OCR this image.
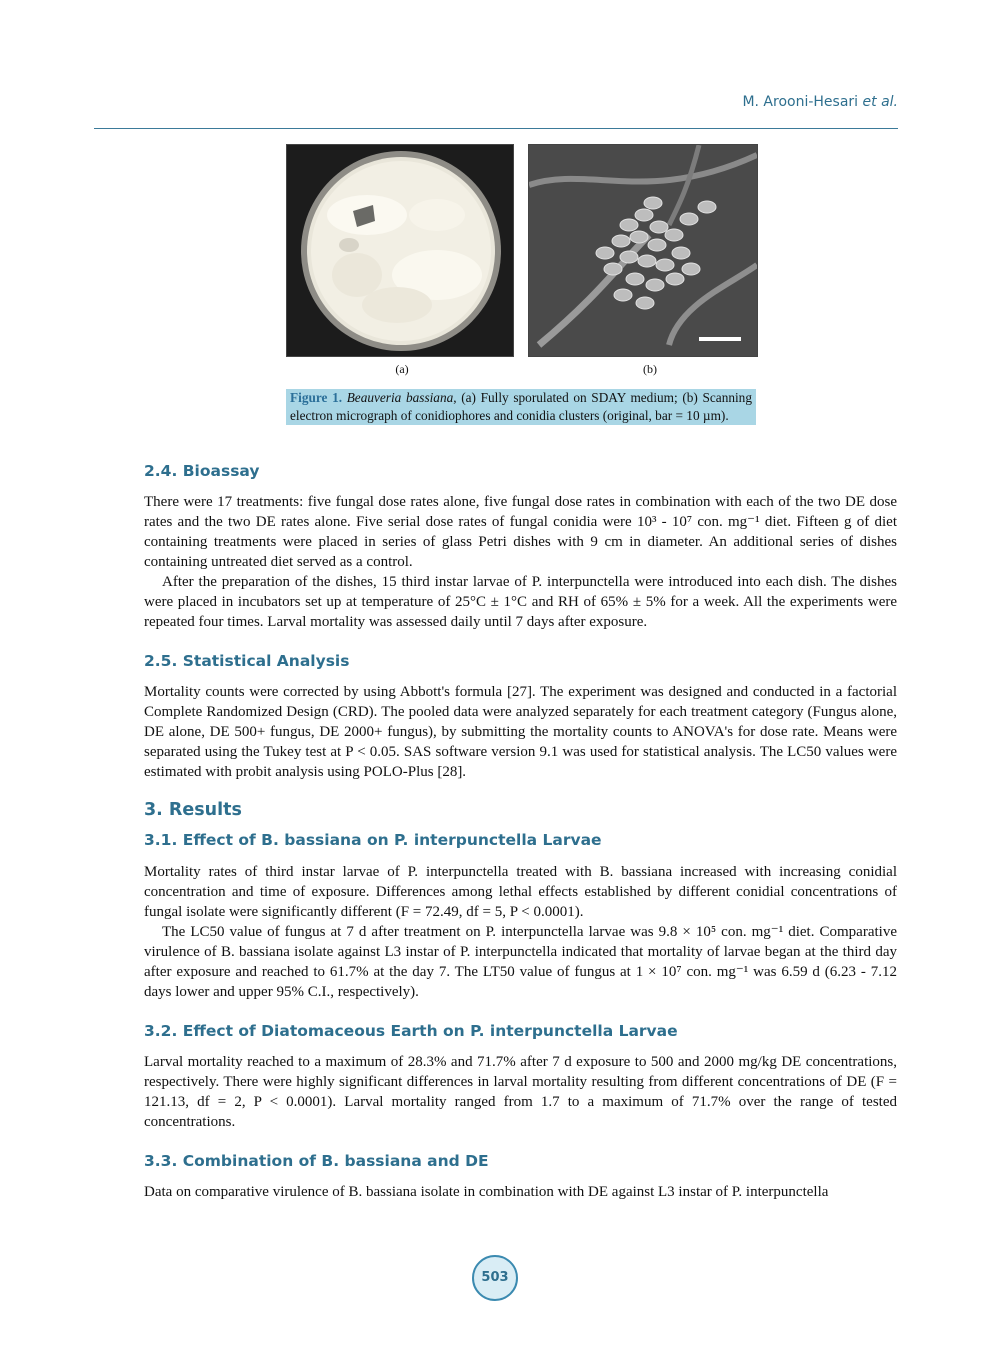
M. Arooni-Hesari et al.
(a)	(b)
Figure 1. Beauveria bassiana, (a) Fully sporulated on SDAY medium; (b) Scanning electron micrograph of conidiophores and conidia clusters (original, bar = 10 µm).
2.4. Bioassay
There were 17 treatments: five fungal dose rates alone, five fungal dose rates in combination with each of the two DE dose rates and the two DE rates alone. Five serial dose rates of fungal conidia were 10³ - 10⁷ con. mg⁻¹ diet. Fifteen g of diet containing treatments were placed in series of glass Petri dishes with 9 cm in diameter. An additional series of dishes containing untreated diet served as a control.
After the preparation of the dishes, 15 third instar larvae of P. interpunctella were introduced into each dish. The dishes were placed in incubators set up at temperature of 25°C ± 1°C and RH of 65% ± 5% for a week. All the experiments were repeated four times. Larval mortality was assessed daily until 7 days after exposure.
2.5. Statistical Analysis
Mortality counts were corrected by using Abbott's formula [27]. The experiment was designed and conducted in a factorial Complete Randomized Design (CRD). The pooled data were analyzed separately for each treatment category (Fungus alone, DE alone, DE 500+ fungus, DE 2000+ fungus), by submitting the mortality counts to ANOVA's for dose rate. Means were separated using the Tukey test at P < 0.05. SAS software version 9.1 was used for statistical analysis. The LC50 values were estimated with probit analysis using POLO-Plus [28].
3. Results
3.1. Effect of B. bassiana on P. interpunctella Larvae
Mortality rates of third instar larvae of P. interpunctella treated with B. bassiana increased with increasing conidial concentration and time of exposure. Differences among lethal effects established by different conidial concentrations of fungal isolate were significantly different (F = 72.49, df = 5, P < 0.0001).
The LC50 value of fungus at 7 d after treatment on P. interpunctella larvae was 9.8 × 10⁵ con. mg⁻¹ diet. Comparative virulence of B. bassiana isolate against L3 instar of P. interpunctella indicated that mortality of larvae began at the third day after exposure and reached to 61.7% at the day 7. The LT50 value of fungus at 1 × 10⁷ con. mg⁻¹ was 6.59 d (6.23 - 7.12 days lower and upper 95% C.I., respectively).
3.2. Effect of Diatomaceous Earth on P. interpunctella Larvae
Larval mortality reached to a maximum of 28.3% and 71.7% after 7 d exposure to 500 and 2000 mg/kg DE concentrations, respectively. There were highly significant differences in larval mortality resulting from different concentrations of DE (F = 121.13, df = 2, P < 0.0001). Larval mortality ranged from 1.7 to a maximum of 71.7% over the range of tested concentrations.
3.3. Combination of B. bassiana and DE
Data on comparative virulence of B. bassiana isolate in combination with DE against L3 instar of P. interpunctella
503
